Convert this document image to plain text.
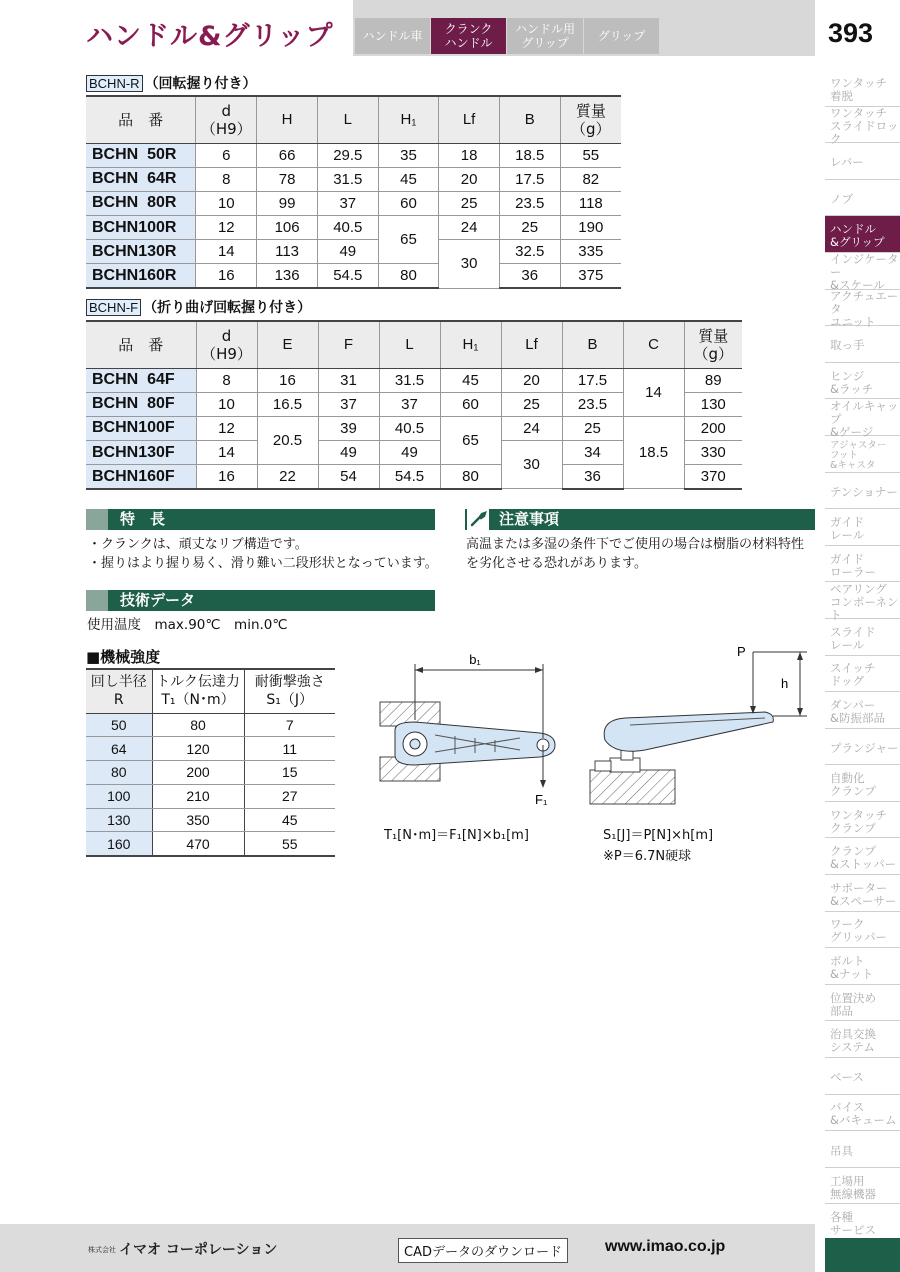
ハンドル&グリップ ハンドル車 クランク
ハンドル
ハンドル用
グリップ	グリップ	393
ワンタッチ
着脱
ワンタッチ
スライドロック
レバー
ノブ
ハンドル
&グリップ
インジケーター
&スケール
アクチュエータ
ユニット
取っ手
ヒンジ
&ラッチ
オイルキャップ
&ゲージ
アジャスター
フット
&キャスタ
テンショナー
ガイド
レール
ガイド
ローラー
ベアリング
コンポーネント
スライド
レール
スイッチ
ドッグ
ダンパー
&防振部品
プランジャー
自動化
クランプ
ワンタッチ
クランプ
クランプ
&ストッパー
サポーター
&スペーサー
ワーク
グリッパー
ボルト
&ナット
位置決め
部品
治具交換
システム
ベース
バイス
&バキューム
吊具
工場用
無線機器
各種
サービス
BCHN-R （回転握り付き）
品　番	d
（H9）	H	L	H₁	Lf	B	質量
（g）
BCHN  50R	6	66	29.5	35	18	18.5	55
BCHN  64R	8	78	31.5	45	20	17.5	82
BCHN  80R	10	99	37	60	25	23.5	118
BCHN100R	12	106	40.5	65	24	25	190
BCHN130R	14	113	49		30	32.5	335
BCHN160R	16	136	54.5	80		36	375
BCHN-F （折り曲げ回転握り付き）
品　番	d
（H9）	E	F	L	H₁	Lf	B	C	質量
（g）
BCHN  64F	8	16	31	31.5	45	20	17.5	14	89
BCHN  80F	10	16.5	37	37	60	25	23.5		130
BCHN100F	12	20.5	39	40.5	65	24	25	18.5	200
BCHN130F	14		49	49		30	34		330
BCHN160F	16	22	54	54.5	80		36		370
特　長
・クランクは、頑丈なリブ構造です。
・握りはより握り易く、滑り難い二段形状となっています。
注意事項
高温または多湿の条件下でご使用の場合は樹脂の材料特性を劣化させる恐れがあります。
技術データ
使用温度　max.90℃　min.0℃
■機械強度
回し半径
R	トルク伝達力
T₁（N･m）	耐衝撃強さ
S₁（J）
50	80	7
64	120	11
80	200	15
100	210	27
130	350	45
160	470	55
b₁
F₁
T₁[N･m]＝F₁[N]×b₁[m]
P
h
S₁[J]＝P[N]×h[m]
※P＝6.7N硬球
株式会社 イマオ コーポレーション	CADデータのダウンロード	www.imao.co.jp
